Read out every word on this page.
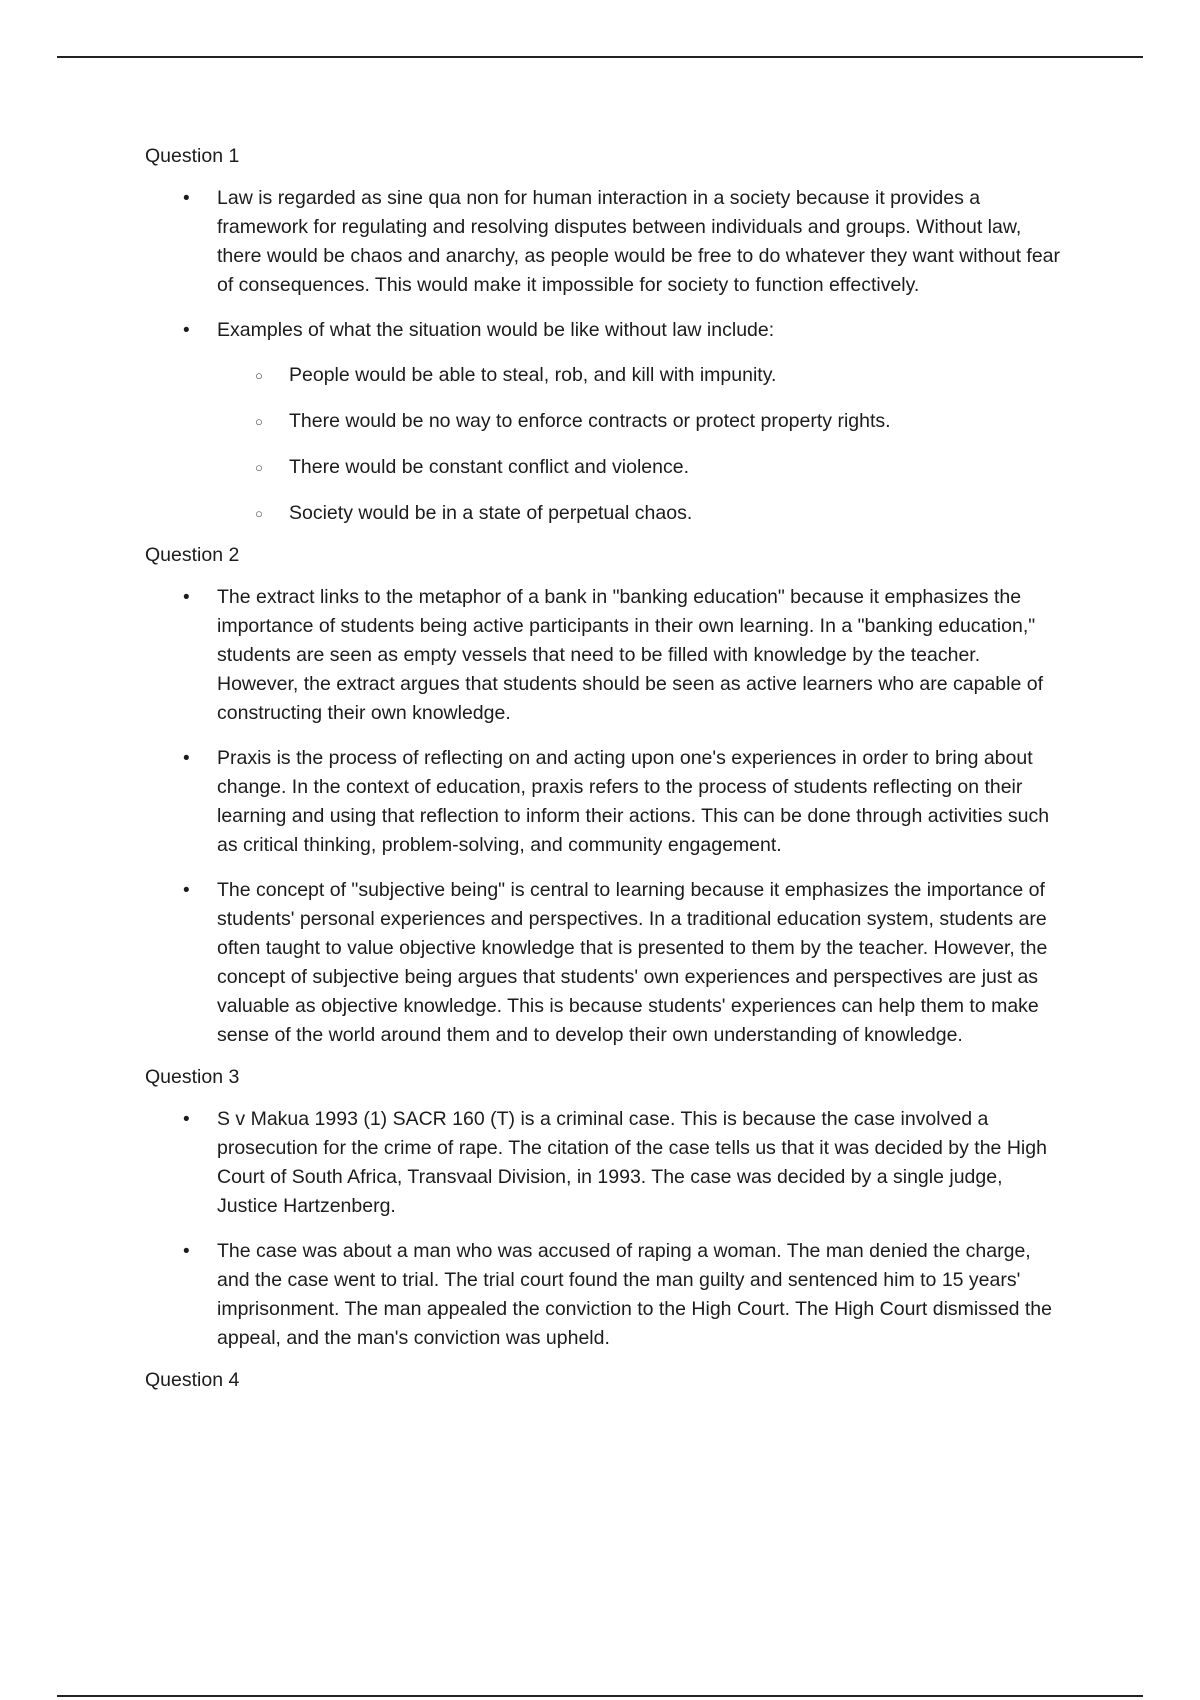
Question 1
• Law is regarded as sine qua non for human interaction in a society because it provides a framework for regulating and resolving disputes between individuals and groups. Without law, there would be chaos and anarchy, as people would be free to do whatever they want without fear of consequences. This would make it impossible for society to function effectively.
• Examples of what the situation would be like without law include:
○ People would be able to steal, rob, and kill with impunity.
○ There would be no way to enforce contracts or protect property rights.
○ There would be constant conflict and violence.
○ Society would be in a state of perpetual chaos.
Question 2
• The extract links to the metaphor of a bank in "banking education" because it emphasizes the importance of students being active participants in their own learning. In a "banking education," students are seen as empty vessels that need to be filled with knowledge by the teacher. However, the extract argues that students should be seen as active learners who are capable of constructing their own knowledge.
• Praxis is the process of reflecting on and acting upon one's experiences in order to bring about change. In the context of education, praxis refers to the process of students reflecting on their learning and using that reflection to inform their actions. This can be done through activities such as critical thinking, problem-solving, and community engagement.
• The concept of "subjective being" is central to learning because it emphasizes the importance of students' personal experiences and perspectives. In a traditional education system, students are often taught to value objective knowledge that is presented to them by the teacher. However, the concept of subjective being argues that students' own experiences and perspectives are just as valuable as objective knowledge. This is because students' experiences can help them to make sense of the world around them and to develop their own understanding of knowledge.
Question 3
• S v Makua 1993 (1) SACR 160 (T) is a criminal case. This is because the case involved a prosecution for the crime of rape. The citation of the case tells us that it was decided by the High Court of South Africa, Transvaal Division, in 1993. The case was decided by a single judge, Justice Hartzenberg.
• The case was about a man who was accused of raping a woman. The man denied the charge, and the case went to trial. The trial court found the man guilty and sentenced him to 15 years' imprisonment. The man appealed the conviction to the High Court. The High Court dismissed the appeal, and the man's conviction was upheld.
Question 4
